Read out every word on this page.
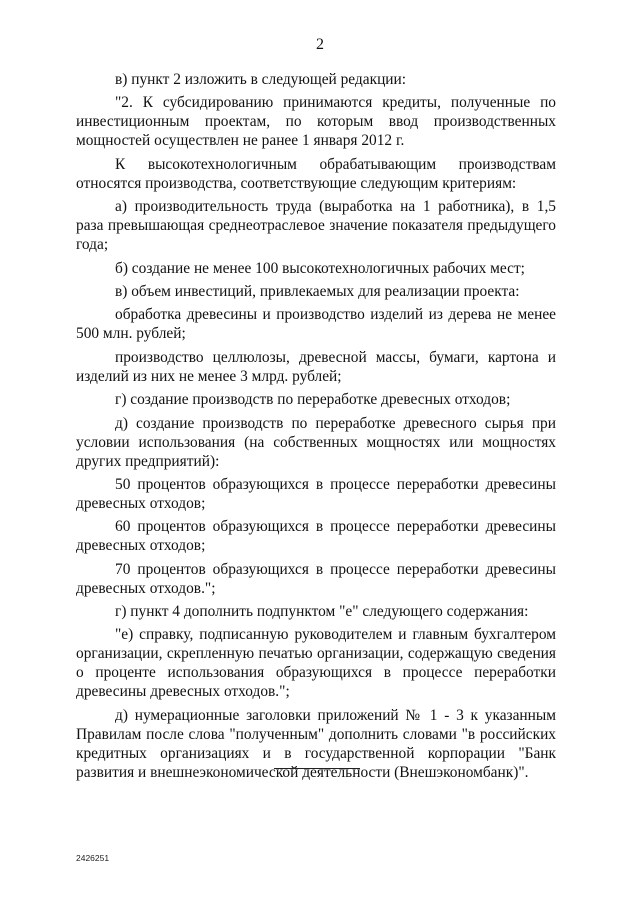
2

в) пункт 2 изложить в следующей редакции:

"2. К субсидированию принимаются кредиты, полученные по инвестиционным проектам, по которым ввод производственных мощностей осуществлен не ранее 1 января 2012 г.

К высокотехнологичным обрабатывающим производствам относятся производства, соответствующие следующим критериям:

а) производительность труда (выработка на 1 работника), в 1,5 раза превышающая среднеотраслевое значение показателя предыдущего года;

б) создание не менее 100 высокотехнологичных рабочих мест;

в) объем инвестиций, привлекаемых для реализации проекта:

обработка древесины и производство изделий из дерева не менее 500 млн. рублей;

производство целлюлозы, древесной массы, бумаги, картона и изделий из них не менее 3 млрд. рублей;

г) создание производств по переработке древесных отходов;

д) создание производств по переработке древесного сырья при условии использования (на собственных мощностях или мощностях других предприятий):

50 процентов образующихся в процессе переработки древесины древесных отходов;

60 процентов образующихся в процессе переработки древесины древесных отходов;

70 процентов образующихся в процессе переработки древесины древесных отходов.";

г) пункт 4 дополнить подпунктом "е" следующего содержания:

"е) справку, подписанную руководителем и главным бухгалтером организации, скрепленную печатью организации, содержащую сведения о проценте использования образующихся в процессе переработки древесины древесных отходов.";

д) нумерационные заголовки приложений № 1 - 3 к указанным Правилам после слова "полученным" дополнить словами "в российских кредитных организациях и в государственной корпорации "Банк развития и внешнеэкономической деятельности (Внешэкономбанк)".

2426251
